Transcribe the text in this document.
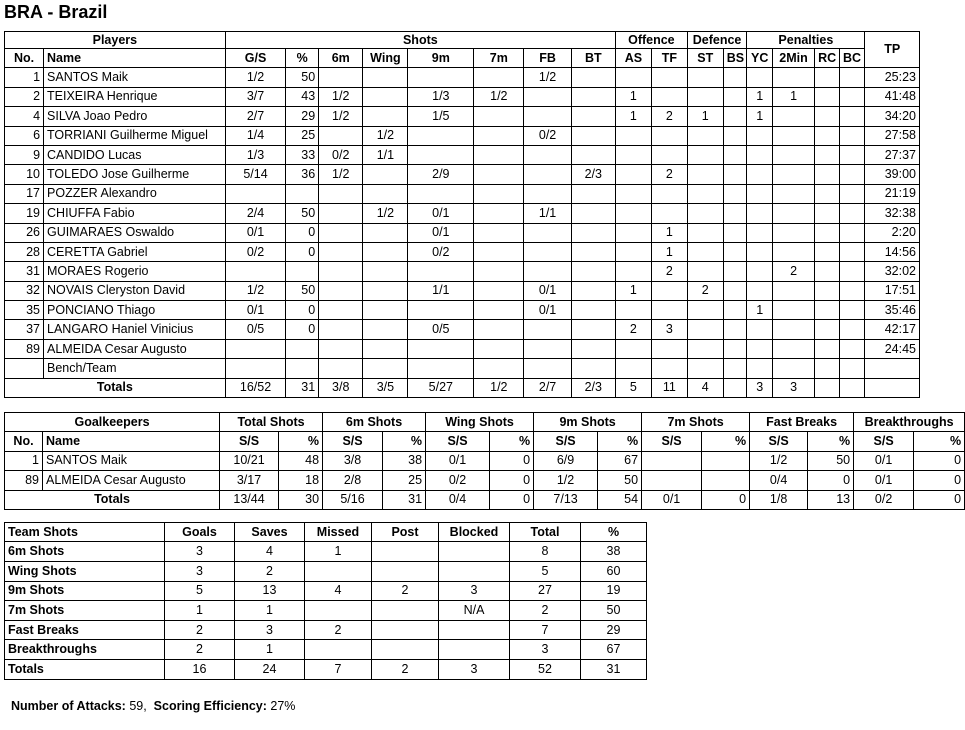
BRA - Brazil
Players		Shots								Offence		Defence		Penalties				TP
No.	Name	G/S	%	6m	Wing	9m	7m	FB	BT	AS	TF	ST	BS	YC	2Min	RC	BC	
1	SANTOS Maik	1/2	50					1/2										25:23
2	TEIXEIRA Henrique	3/7	43	1/2		1/3	1/2			1				1	1			41:48
4	SILVA Joao Pedro	2/7	29	1/2		1/5				1	2	1		1				34:20
6	TORRIANI Guilherme Miguel	1/4	25		1/2			0/2										27:58
9	CANDIDO Lucas	1/3	33	0/2	1/1													27:37
10	TOLEDO Jose Guilherme	5/14	36	1/2		2/9			2/3		2							39:00
17	POZZER Alexandro																	21:19
19	CHIUFFA Fabio	2/4	50		1/2	0/1		1/1										32:38
26	GUIMARAES Oswaldo	0/1	0			0/1					1							2:20
28	CERETTA Gabriel	0/2	0			0/2					1							14:56
31	MORAES Rogerio										2				2			32:02
32	NOVAIS Cleryston David	1/2	50			1/1		0/1		1		2						17:51
35	PONCIANO Thiago	0/1	0					0/1						1				35:46
37	LANGARO Haniel Vinicius	0/5	0			0/5				2	3							42:17
89	ALMEIDA Cesar Augusto																	24:45
	Bench/Team																	
Totals		16/52	31	3/8	3/5	5/27	1/2	2/7	2/3	5	11	4		3	3			
Goalkeepers		Total Shots		6m Shots		Wing Shots		9m Shots		7m Shots		Fast Breaks		Breakthroughs	
No.	Name	S/S	%	S/S	%	S/S	%	S/S	%	S/S	%	S/S	%	S/S	%
1	SANTOS Maik	10/21	48	3/8	38	0/1	0	6/9	67			1/2	50	0/1	0
89	ALMEIDA Cesar Augusto	3/17	18	2/8	25	0/2	0	1/2	50			0/4	0	0/1	0
Totals		13/44	30	5/16	31	0/4	0	7/13	54	0/1	0	1/8	13	0/2	0
Team Shots	Goals	Saves	Missed	Post	Blocked	Total	%
6m Shots	3	4	1			8	38
Wing Shots	3	2				5	60
9m Shots	5	13	4	2	3	27	19
7m Shots	1	1			N/A	2	50
Fast Breaks	2	3	2			7	29
Breakthroughs	2	1				3	67
Totals	16	24	7	2	3	52	31
Number of Attacks: 59, Scoring Efficiency: 27%
